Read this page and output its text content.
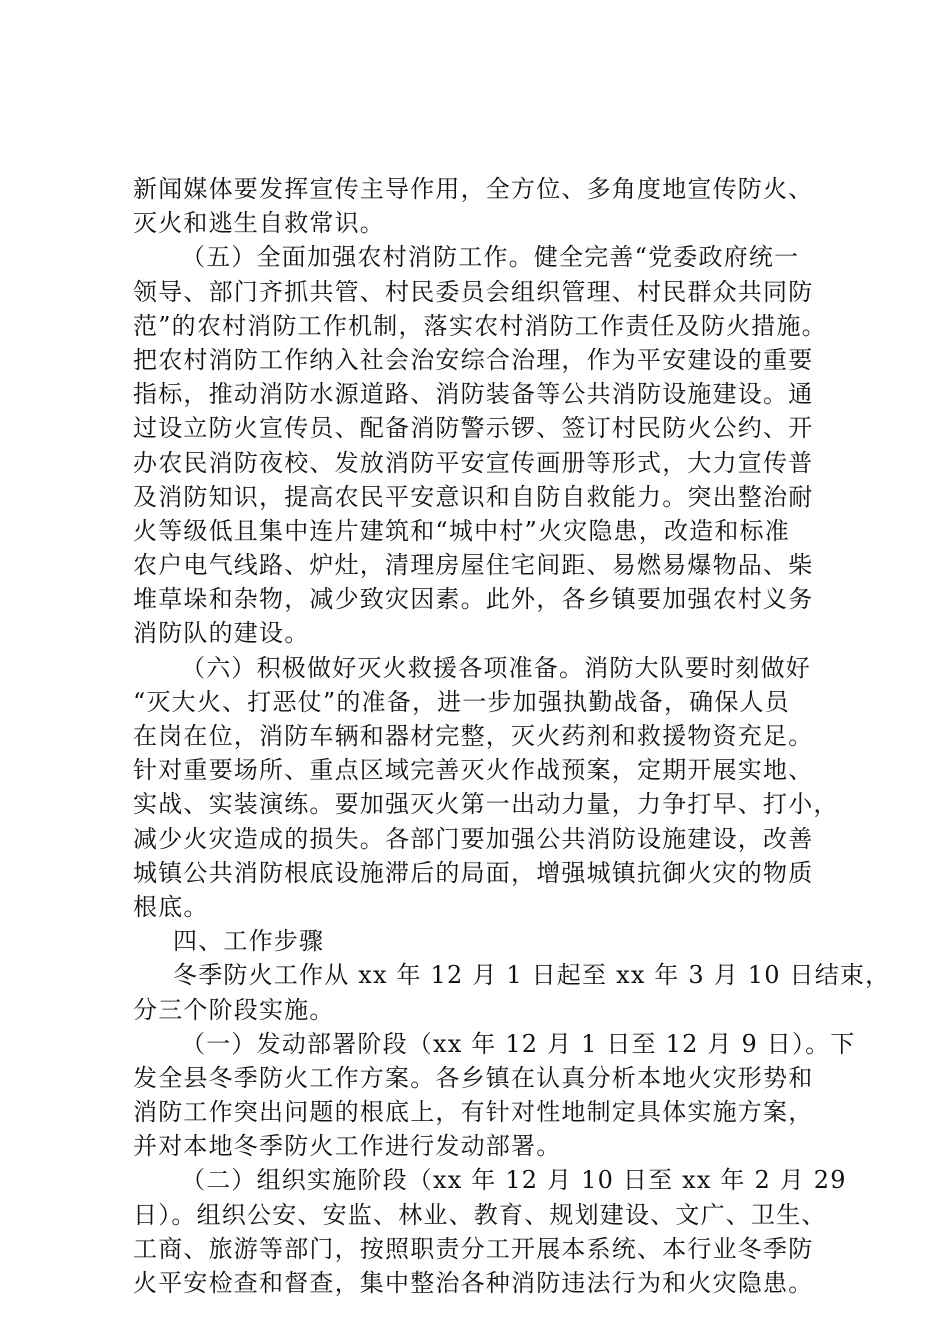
新闻媒体要发挥宣传主导作用，全方位、多角度地宣传防火、
灭火和逃生自救常识。
（五）全面加强农村消防工作。健全完善“党委政府统一
领导、部门齐抓共管、村民委员会组织管理、村民群众共同防
范”的农村消防工作机制，落实农村消防工作责任及防火措施。
把农村消防工作纳入社会治安综合治理，作为平安建设的重要
指标，推动消防水源道路、消防装备等公共消防设施建设。通
过设立防火宣传员、配备消防警示锣、签订村民防火公约、开
办农民消防夜校、发放消防平安宣传画册等形式，大力宣传普
及消防知识，提高农民平安意识和自防自救能力。突出整治耐
火等级低且集中连片建筑和“城中村”火灾隐患，改造和标准
农户电气线路、炉灶，清理房屋住宅间距、易燃易爆物品、柴
堆草垛和杂物，减少致灾因素。此外，各乡镇要加强农村义务
消防队的建设。
（六）积极做好灭火救援各项准备。消防大队要时刻做好
“灭大火、打恶仗”的准备，进一步加强执勤战备，确保人员
在岗在位，消防车辆和器材完整，灭火药剂和救援物资充足。
针对重要场所、重点区域完善灭火作战预案，定期开展实地、
实战、实装演练。要加强灭火第一出动力量，力争打早、打小，
减少火灾造成的损失。各部门要加强公共消防设施建设，改善
城镇公共消防根底设施滞后的局面，增强城镇抗御火灾的物质
根底。
四、工作步骤
冬季防火工作从 xx 年 12 月 1 日起至 xx 年 3 月 10 日结束，
分三个阶段实施。
（一）发动部署阶段（xx 年 12 月 1 日至 12 月 9 日）。下
发全县冬季防火工作方案。各乡镇在认真分析本地火灾形势和
消防工作突出问题的根底上，有针对性地制定具体实施方案，
并对本地冬季防火工作进行发动部署。
（二）组织实施阶段（xx 年 12 月 10 日至 xx 年 2 月 29
日）。组织公安、安监、林业、教育、规划建设、文广、卫生、
工商、旅游等部门，按照职责分工开展本系统、本行业冬季防
火平安检查和督查，集中整治各种消防违法行为和火灾隐患。
